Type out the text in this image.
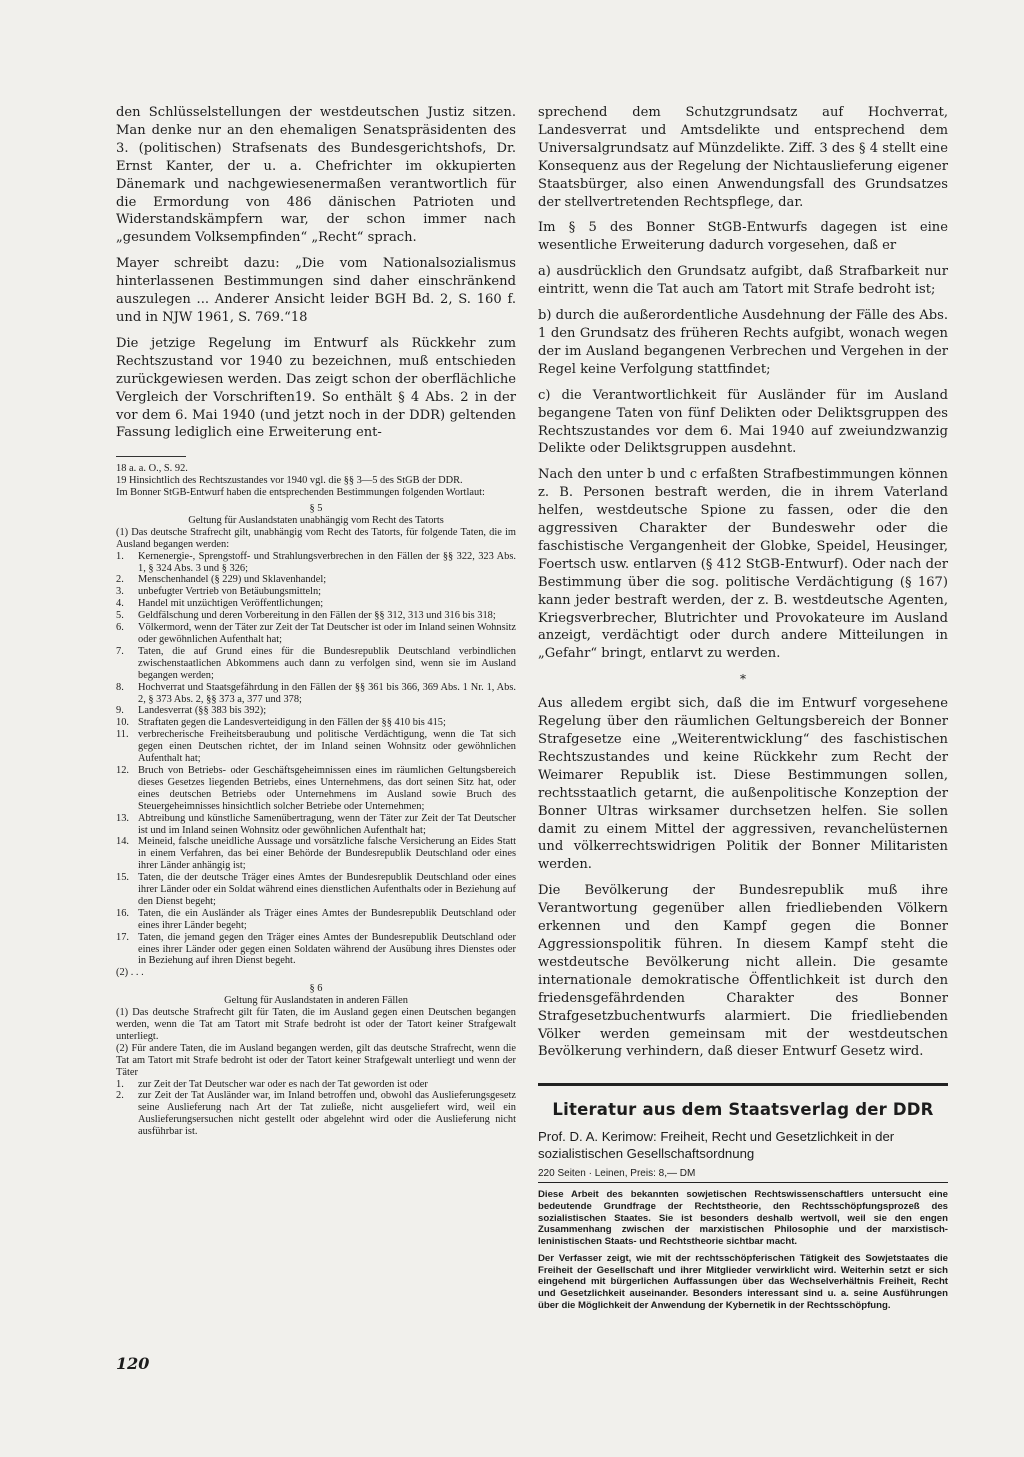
den Schlüsselstellungen der westdeutschen Justiz sitzen. Man denke nur an den ehemaligen Senatspräsidenten des 3. (politischen) Strafsenats des Bundesgerichtshofs, Dr. Ernst Kanter, der u. a. Chefrichter im okkupierten Dänemark und nachgewiesenermaßen verantwortlich für die Ermordung von 486 dänischen Patrioten und Widerstandskämpfern war, der schon immer nach „gesundem Volksempfinden“ „Recht“ sprach.

Mayer schreibt dazu: „Die vom Nationalsozialismus hinterlassenen Bestimmungen sind daher einschränkend auszulegen ... Anderer Ansicht leider BGH Bd. 2, S. 160 f. und in NJW 1961, S. 769.“18

Die jetzige Regelung im Entwurf als Rückkehr zum Rechtszustand vor 1940 zu bezeichnen, muß entschieden zurückgewiesen werden. Das zeigt schon der oberflächliche Vergleich der Vorschriften19. So enthält § 4 Abs. 2 in der vor dem 6. Mai 1940 (und jetzt noch in der DDR) geltenden Fassung lediglich eine Erweiterung ent-

18 a. a. O., S. 92.

19 Hinsichtlich des Rechtszustandes vor 1940 vgl. die §§ 3—5 des StGB der DDR.

Im Bonner StGB-Entwurf haben die entsprechenden Bestimmungen folgenden Wortlaut:

§ 5

Geltung für Auslandstaten unabhängig vom Recht des Tatorts

(1) Das deutsche Strafrecht gilt, unabhängig vom Recht des Tatorts, für folgende Taten, die im Ausland begangen werden:

1.	Kernenergie-, Sprengstoff- und Strahlungsverbrechen in den Fällen der §§ 322, 323 Abs. 1, § 324 Abs. 3 und § 326;
2.	Menschenhandel (§ 229) und Sklavenhandel;
3.	unbefugter Vertrieb von Betäubungsmitteln;
4.	Handel mit unzüchtigen Veröffentlichungen;
5.	Geldfälschung und deren Vorbereitung in den Fällen der §§ 312, 313 und 316 bis 318;
6.	Völkermord, wenn der Täter zur Zeit der Tat Deutscher ist oder im Inland seinen Wohnsitz oder gewöhnlichen Aufenthalt hat;
7.	Taten, die auf Grund eines für die Bundesrepublik Deutschland verbindlichen zwischenstaatlichen Abkommens auch dann zu verfolgen sind, wenn sie im Ausland begangen werden;
8.	Hochverrat und Staatsgefährdung in den Fällen der §§ 361 bis 366, 369 Abs. 1 Nr. 1, Abs. 2, § 373 Abs. 2, §§ 373 a, 377 und 378;
9.	Landesverrat (§§ 383 bis 392);
10. Straftaten gegen die Landesverteidigung in den Fällen der §§ 410 bis 415;
11. verbrecherische Freiheitsberaubung und politische Verdächtigung, wenn die Tat sich gegen einen Deutschen richtet, der im Inland seinen Wohnsitz oder gewöhnlichen Aufenthalt hat;
12. Bruch von Betriebs- oder Geschäftsgeheimnissen eines im räumlichen Geltungsbereich dieses Gesetzes liegenden Betriebs, eines Unternehmens, das dort seinen Sitz hat, oder eines deutschen Betriebs oder Unternehmens im Ausland sowie Bruch des Steuergeheimnisses hinsichtlich solcher Betriebe oder Unternehmen;
13. Abtreibung und künstliche Samenübertragung, wenn der Täter zur Zeit der Tat Deutscher ist und im Inland seinen Wohnsitz oder gewöhnlichen Aufenthalt hat;
14. Meineid, falsche uneidliche Aussage und vorsätzliche falsche Versicherung an Eides Statt in einem Verfahren, das bei einer Behörde der Bundesrepublik Deutschland oder eines ihrer Länder anhängig ist;
15. Taten, die der deutsche Träger eines Amtes der Bundesrepublik Deutschland oder eines ihrer Länder oder ein Soldat während eines dienstlichen Aufenthalts oder in Beziehung auf den Dienst begeht;
16. Taten, die ein Ausländer als Träger eines Amtes der Bundesrepublik Deutschland oder eines ihrer Länder begeht;
17. Taten, die jemand gegen den Träger eines Amtes der Bundesrepublik Deutschland oder eines ihrer Länder oder gegen einen Soldaten während der Ausübung ihres Dienstes oder in Beziehung auf ihren Dienst begeht.

(2) . . .

§ 6

Geltung für Auslandstaten in anderen Fällen

(1) Das deutsche Strafrecht gilt für Taten, die im Ausland gegen einen Deutschen begangen werden, wenn die Tat am Tatort mit Strafe bedroht ist oder der Tatort keiner Strafgewalt unterliegt.

(2) Für andere Taten, die im Ausland begangen werden, gilt das deutsche Strafrecht, wenn die Tat am Tatort mit Strafe bedroht ist oder der Tatort keiner Strafgewalt unterliegt und wenn der Täter

1.	zur Zeit der Tat Deutscher war oder es nach der Tat geworden ist oder
2.	zur Zeit der Tat Ausländer war, im Inland betroffen und, obwohl das Auslieferungsgesetz seine Auslieferung nach Art der Tat zuließe, nicht ausgeliefert wird, weil ein Auslieferungsersuchen nicht gestellt oder abgelehnt wird oder die Auslieferung nicht ausführbar ist.

sprechend dem Schutzgrundsatz auf Hochverrat, Landesverrat und Amtsdelikte und entsprechend dem Universalgrundsatz auf Münzdelikte. Ziff. 3 des § 4 stellt eine Konsequenz aus der Regelung der Nichtauslieferung eigener Staatsbürger, also einen Anwendungsfall des Grundsatzes der stellvertretenden Rechtspflege, dar.

Im § 5 des Bonner StGB-Entwurfs dagegen ist eine wesentliche Erweiterung dadurch vorgesehen, daß er

a) ausdrücklich den Grundsatz aufgibt, daß Strafbarkeit nur eintritt, wenn die Tat auch am Tatort mit Strafe bedroht ist;

b) durch die außerordentliche Ausdehnung der Fälle des Abs. 1 den Grundsatz des früheren Rechts aufgibt, wonach wegen der im Ausland begangenen Verbrechen und Vergehen in der Regel keine Verfolgung stattfindet;

c) die Verantwortlichkeit für Ausländer für im Ausland begangene Taten von fünf Delikten oder Deliktsgruppen des Rechtszustandes vor dem 6. Mai 1940 auf zweiundzwanzig Delikte oder Deliktsgruppen ausdehnt.

Nach den unter b und c erfaßten Strafbestimmungen können z. B. Personen bestraft werden, die in ihrem Vaterland helfen, westdeutsche Spione zu fassen, oder die den aggressiven Charakter der Bundeswehr oder die faschistische Vergangenheit der Globke, Speidel, Heusinger, Foertsch usw. entlarven (§ 412 StGB-Entwurf). Oder nach der Bestimmung über die sog. politische Verdächtigung (§ 167) kann jeder bestraft werden, der z. B. westdeutsche Agenten, Kriegsverbrecher, Blutrichter und Provokateure im Ausland anzeigt, verdächtigt oder durch andere Mitteilungen in „Gefahr“ bringt, entlarvt zu werden.

*

Aus alledem ergibt sich, daß die im Entwurf vorgesehene Regelung über den räumlichen Geltungsbereich der Bonner Strafgesetze eine „Weiterentwicklung“ des faschistischen Rechtszustandes und keine Rückkehr zum Recht der Weimarer Republik ist. Diese Bestimmungen sollen, rechtsstaatlich getarnt, die außenpolitische Konzeption der Bonner Ultras wirksamer durchsetzen helfen. Sie sollen damit zu einem Mittel der aggressiven, revanchelüsternen und völkerrechtswidrigen Politik der Bonner Militaristen werden.

Die Bevölkerung der Bundesrepublik muß ihre Verantwortung gegenüber allen friedliebenden Völkern erkennen und den Kampf gegen die Bonner Aggressionspolitik führen. In diesem Kampf steht die westdeutsche Bevölkerung nicht allein. Die gesamte internationale demokratische Öffentlichkeit ist durch den friedensgefährdenden Charakter des Bonner Strafgesetzbuchentwurfs alarmiert. Die friedliebenden Völker werden gemeinsam mit der westdeutschen Bevölkerung verhindern, daß dieser Entwurf Gesetz wird.

Literatur aus dem Staatsverlag der DDR
Prof. D. A. Kerimow: Freiheit, Recht und Gesetzlichkeit in der sozialistischen Gesellschaftsordnung
220 Seiten · Leinen, Preis: 8,— DM

Diese Arbeit des bekannten sowjetischen Rechtswissenschaftlers untersucht eine bedeutende Grundfrage der Rechtstheorie, den Rechtsschöpfungsprozeß des sozialistischen Staates. Sie ist besonders deshalb wertvoll, weil sie den engen Zusammenhang zwischen der marxistischen Philosophie und der marxistisch-leninistischen Staats- und Rechtstheorie sichtbar macht.

Der Verfasser zeigt, wie mit der rechtsschöpferischen Tätigkeit des Sowjetstaates die Freiheit der Gesellschaft und ihrer Mitglieder verwirklicht wird. Weiterhin setzt er sich eingehend mit bürgerlichen Auffassungen über das Wechselverhältnis Freiheit, Recht und Gesetzlichkeit auseinander. Besonders interessant sind u. a. seine Ausführungen über die Möglichkeit der Anwendung der Kybernetik in der Rechtsschöpfung.

120
